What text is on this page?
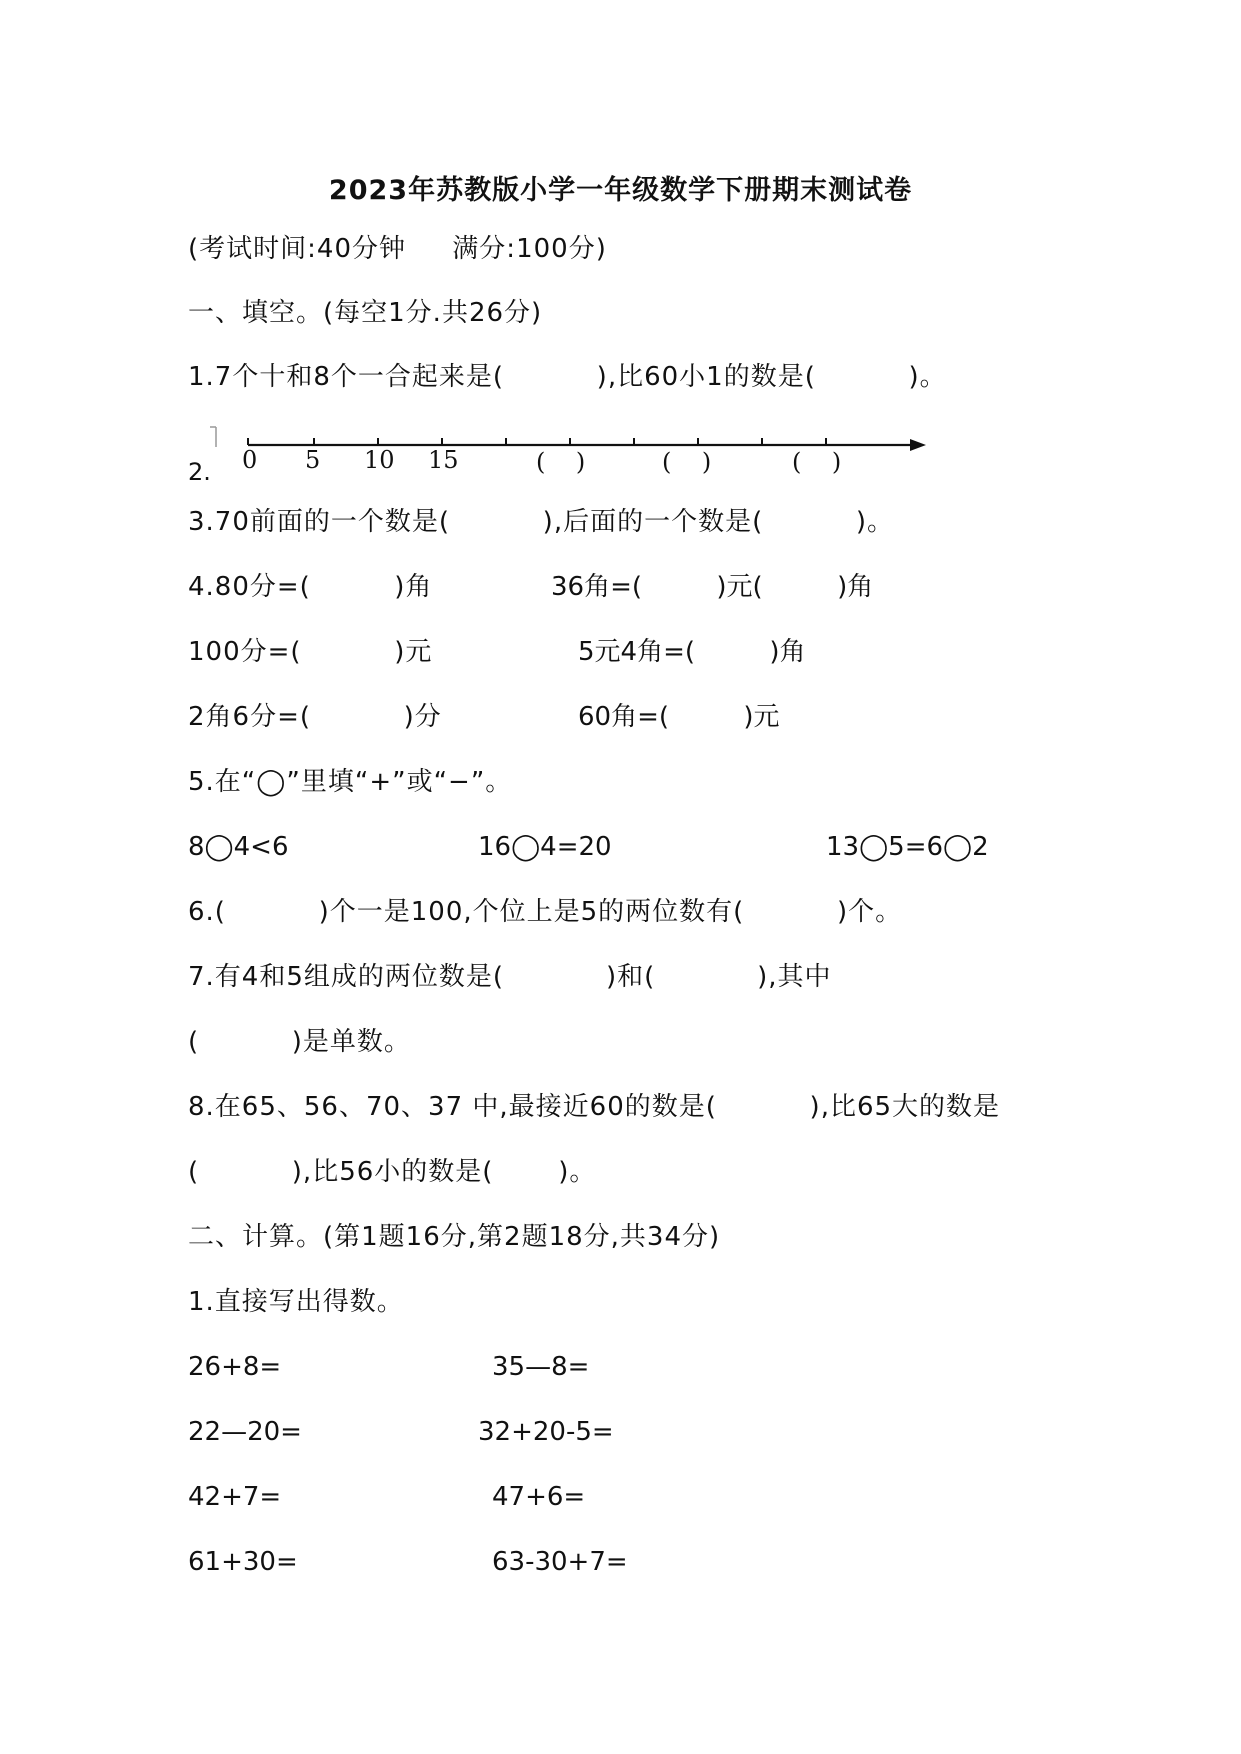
2023年苏教版小学一年级数学下册期末测试卷
(考试时间:40分钟     满分:100分)
一、填空。(每空1分.共26分)
1.7个十和8个一合起来是(          ),比60小1的数是(          )。
2. 0 5 10 15	(    )	(    )	(    )
3.70前面的一个数是(          ),后面的一个数是(          )。
4.80分=(         )角	36角=(         )元(         )角
100分=(          )元	5元4角=(         )角
2角6分=(          )分	60角=(         )元
5.在“◯”里填“+”或“−”。
8◯4<6	16◯4=20	13◯5=6◯2
6.(          )个一是100,个位上是5的两位数有(          )个。
7.有4和5组成的两位数是(           )和(           ),其中
(          )是单数。
8.在65、56、70、37 中,最接近60的数是(          ),比65大的数是
(          ),比56小的数是(       )。
二、计算。(第1题16分,第2题18分,共34分)
1.直接写出得数。
26+8=	35—8=
22—20=	32+20-5=
42+7=	47+6=
61+30=	63-30+7=
